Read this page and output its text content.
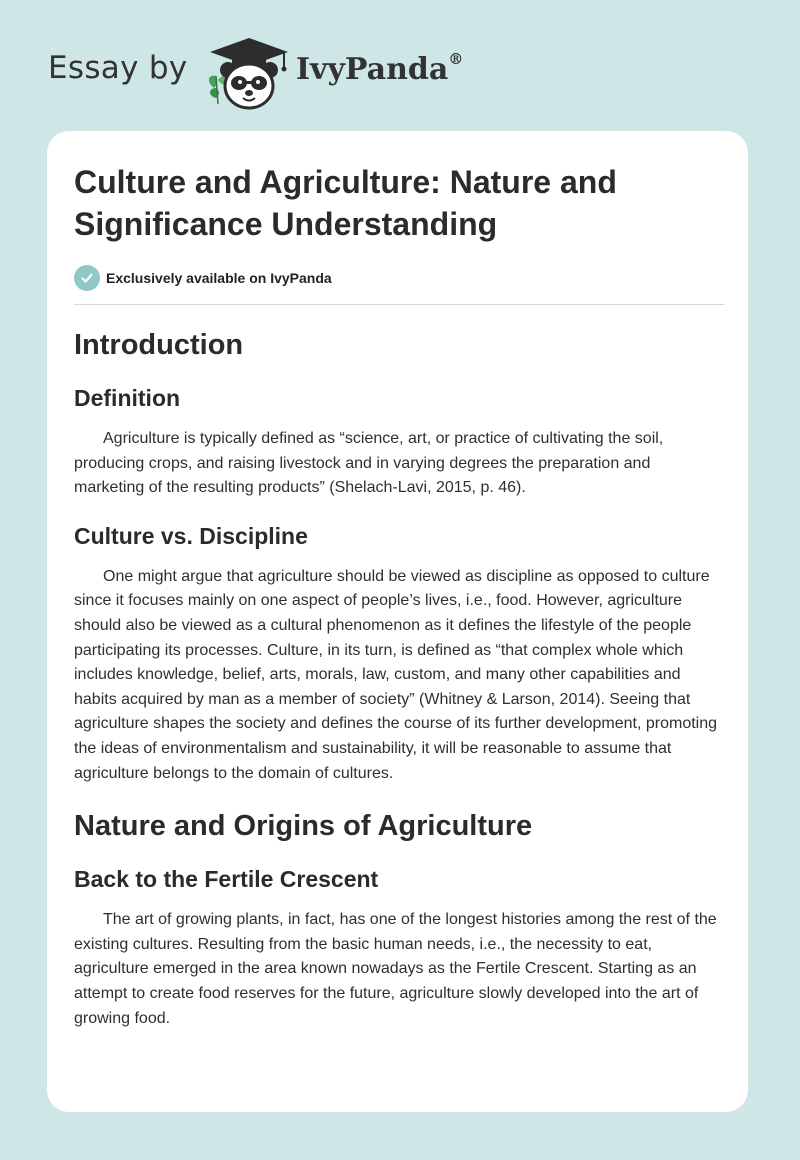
Essay by	IvyPanda®
Culture and Agriculture: Nature and Significance Understanding
Exclusively available on IvyPanda
Introduction
Definition

Agriculture is typically defined as “science, art, or practice of cultivating the soil, producing crops, and raising livestock and in varying degrees the preparation and marketing of the resulting products” (Shelach-Lavi, 2015, p. 46).

Culture vs. Discipline

One might argue that agriculture should be viewed as discipline as opposed to culture since it focuses mainly on one aspect of people’s lives, i.e., food. However, agriculture should also be viewed as a cultural phenomenon as it defines the lifestyle of the people participating its processes. Culture, in its turn, is defined as “that complex whole which includes knowledge, belief, arts, morals, law, custom, and many other capabilities and habits acquired by man as a member of society” (Whitney & Larson, 2014). Seeing that agriculture shapes the society and defines the course of its further development, promoting the ideas of environmentalism and sustainability, it will be reasonable to assume that agriculture belongs to the domain of cultures.

Nature and Origins of Agriculture
Back to the Fertile Crescent

The art of growing plants, in fact, has one of the longest histories among the rest of the existing cultures. Resulting from the basic human needs, i.e., the necessity to eat, agriculture emerged in the area known nowadays as the Fertile Crescent. Starting as an attempt to create food reserves for the future, agriculture slowly developed into the art of growing food.
